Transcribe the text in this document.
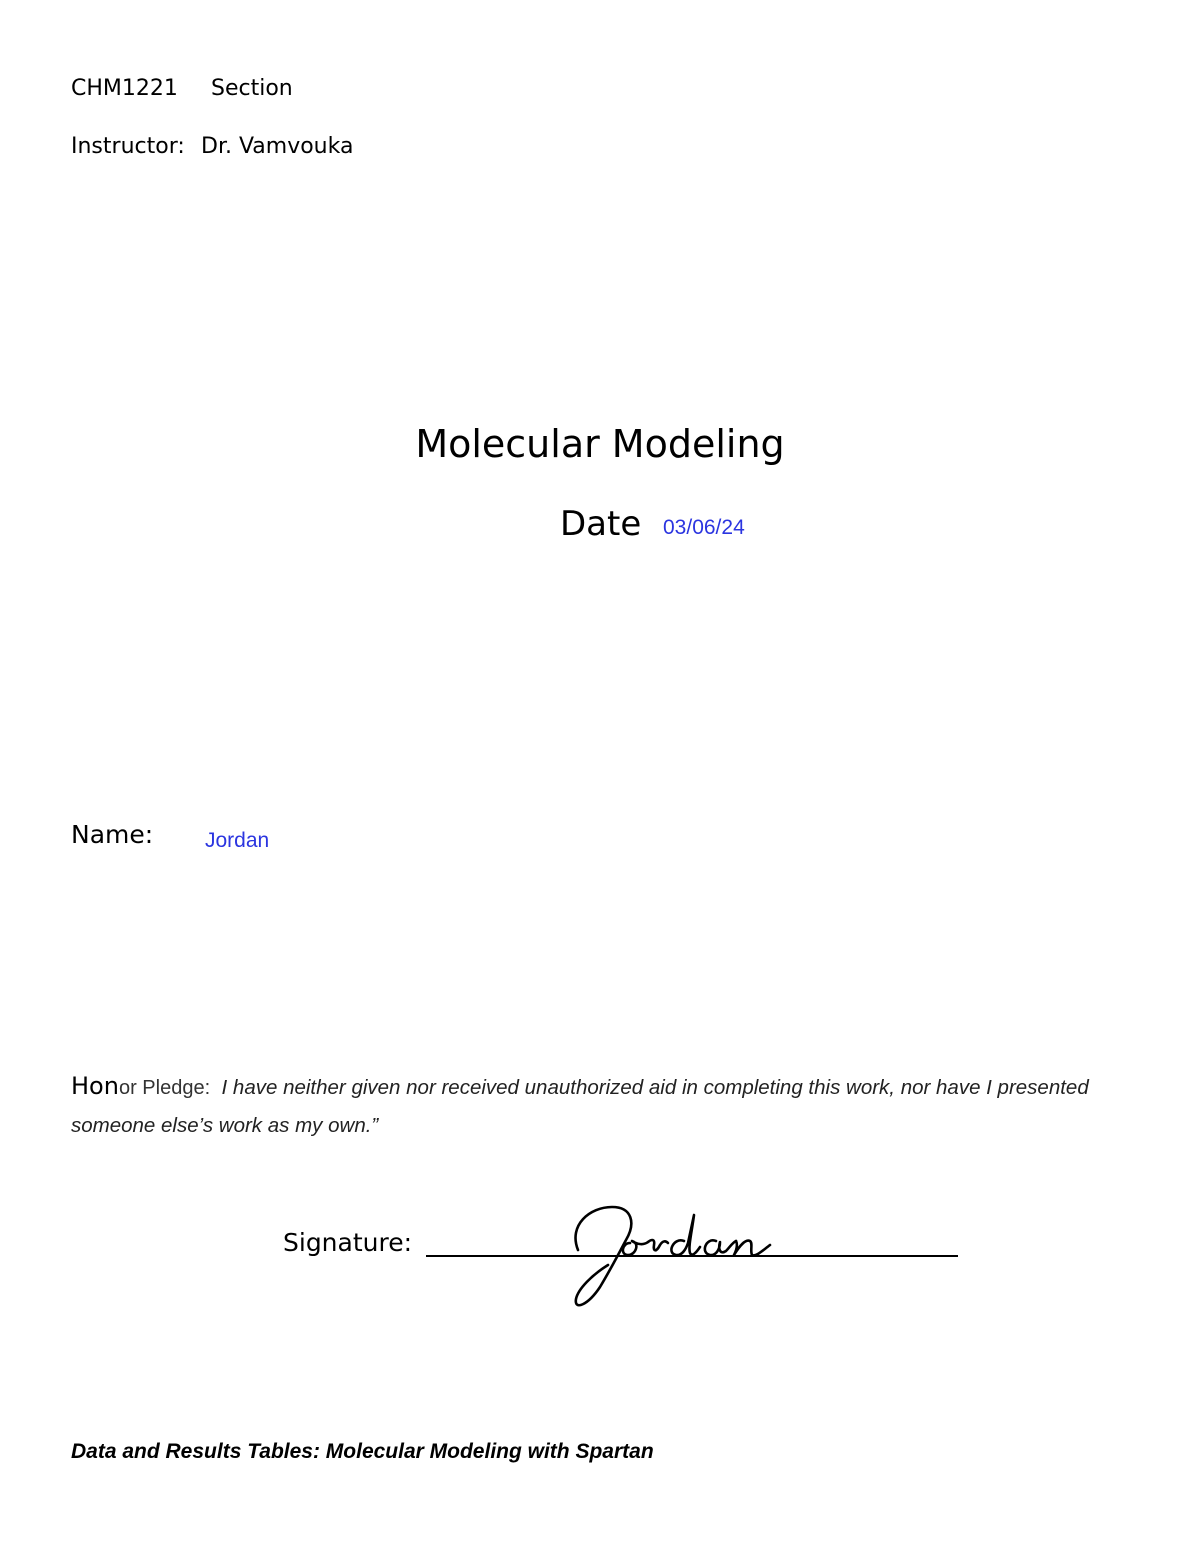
CHM1221 Section
Instructor: Dr. Vamvouka
Molecular Modeling
Date 03/06/24
Name: Jordan
Honor Pledge: I have neither given nor received unauthorized aid in completing this work, nor have I presented someone else’s work as my own.”
Signature:
Data and Results Tables: Molecular Modeling with Spartan
